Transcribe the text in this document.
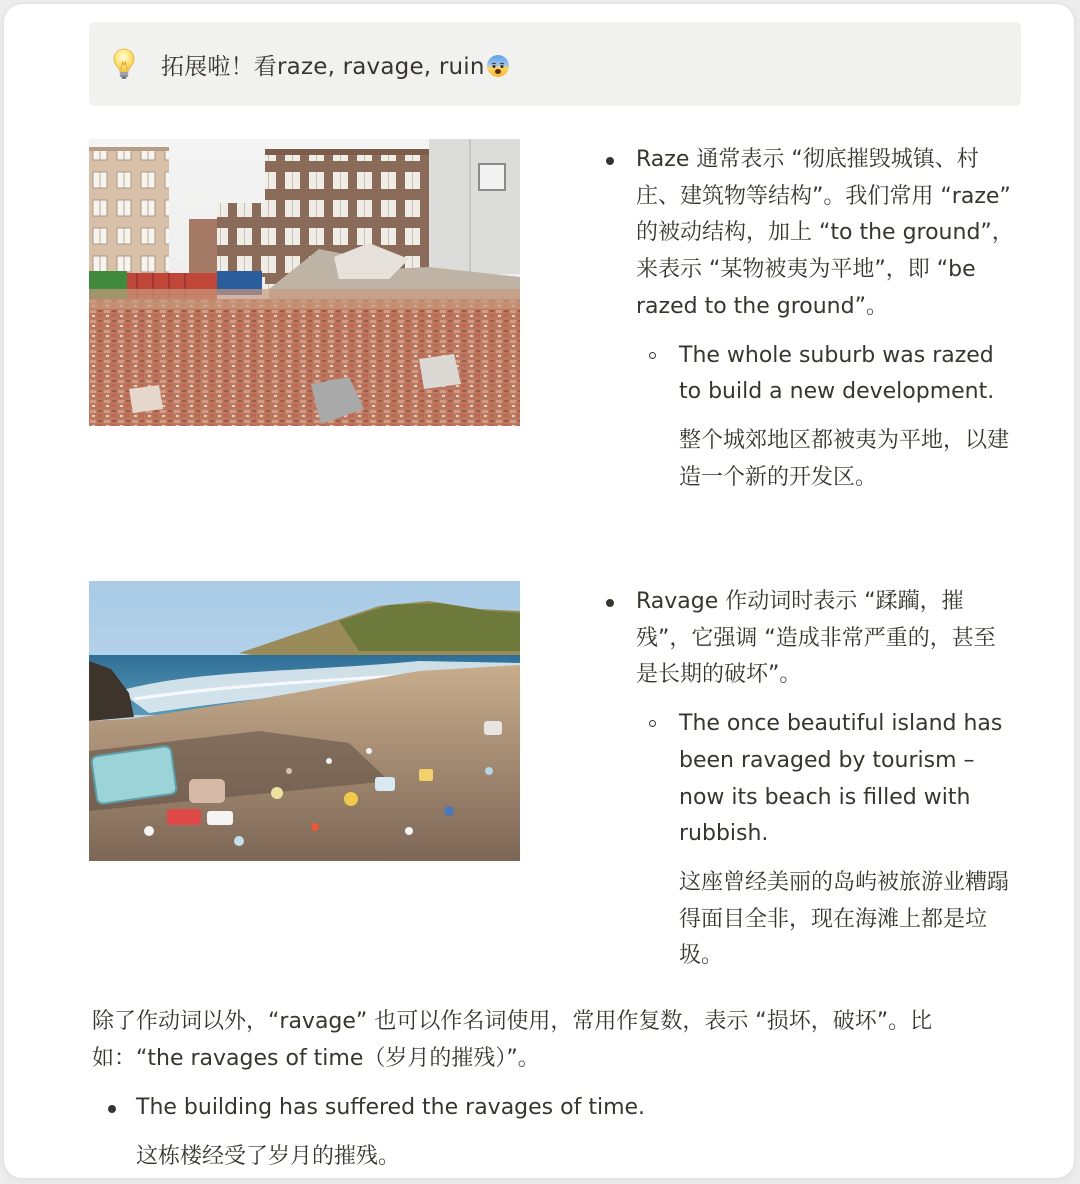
拓展啦！看raze, ravage, ruin
Raze 通常表示 “彻底摧毁城镇、村庄、建筑物等结构”。我们常用 “raze” 的被动结构，加上 “to the ground”，来表示 “某物被夷为平地”，即 “be razed to the ground”。
The whole suburb was razed to build a new development.
整个城郊地区都被夷为平地，以建造一个新的开发区。
Ravage 作动词时表示 “蹂躏，摧残”，它强调 “造成非常严重的，甚至是长期的破坏”。
The once beautiful island has been ravaged by tourism – now its beach is filled with rubbish.
这座曾经美丽的岛屿被旅游业糟蹋得面目全非，现在海滩上都是垃圾。
除了作动词以外，“ravage” 也可以作名词使用，常用作复数，表示 “损坏，破坏”。比如：“the ravages of time（岁月的摧残）”。
The building has suffered the ravages of time.
这栋楼经受了岁月的摧残。
